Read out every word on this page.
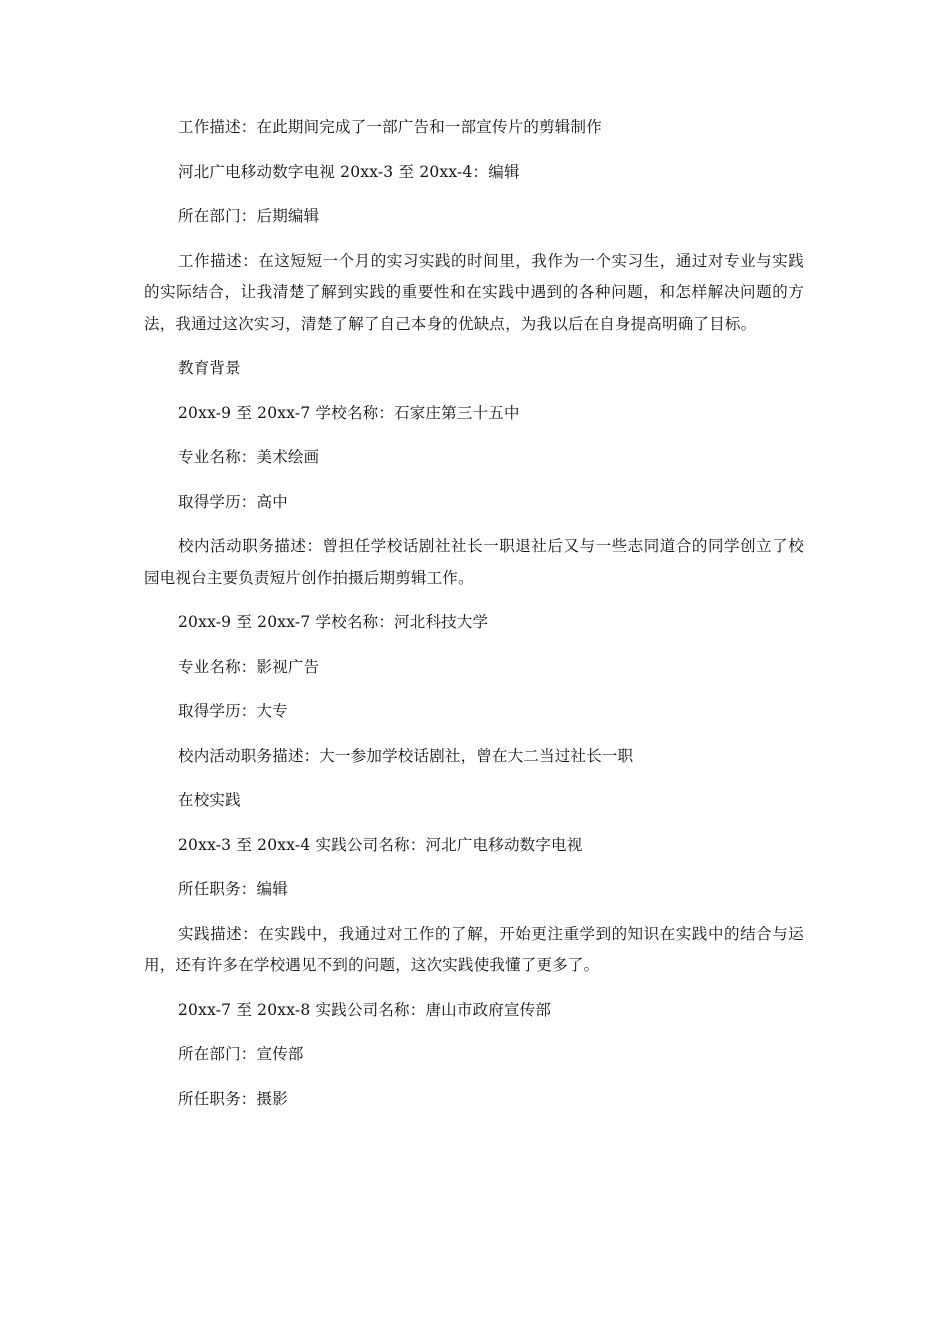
工作描述：在此期间完成了一部广告和一部宣传片的剪辑制作

河北广电移动数字电视 20xx-3 至 20xx-4：编辑

所在部门：后期编辑

工作描述：在这短短一个月的实习实践的时间里，我作为一个实习生，通过对专业与实践的实际结合，让我清楚了解到实践的重要性和在实践中遇到的各种问题，和怎样解决问题的方法，我通过这次实习，清楚了解了自己本身的优缺点，为我以后在自身提高明确了目标。

教育背景

20xx-9 至 20xx-7 学校名称：石家庄第三十五中

专业名称：美术绘画

取得学历：高中

校内活动职务描述：曾担任学校话剧社社长一职退社后又与一些志同道合的同学创立了校园电视台主要负责短片创作拍摄后期剪辑工作。

20xx-9 至 20xx-7 学校名称：河北科技大学

专业名称：影视广告

取得学历：大专

校内活动职务描述：大一参加学校话剧社，曾在大二当过社长一职

在校实践

20xx-3 至 20xx-4 实践公司名称：河北广电移动数字电视

所任职务：编辑

实践描述：在实践中，我通过对工作的了解，开始更注重学到的知识在实践中的结合与运用，还有许多在学校遇见不到的问题，这次实践使我懂了更多了。

20xx-7 至 20xx-8 实践公司名称：唐山市政府宣传部

所在部门：宣传部

所任职务：摄影
